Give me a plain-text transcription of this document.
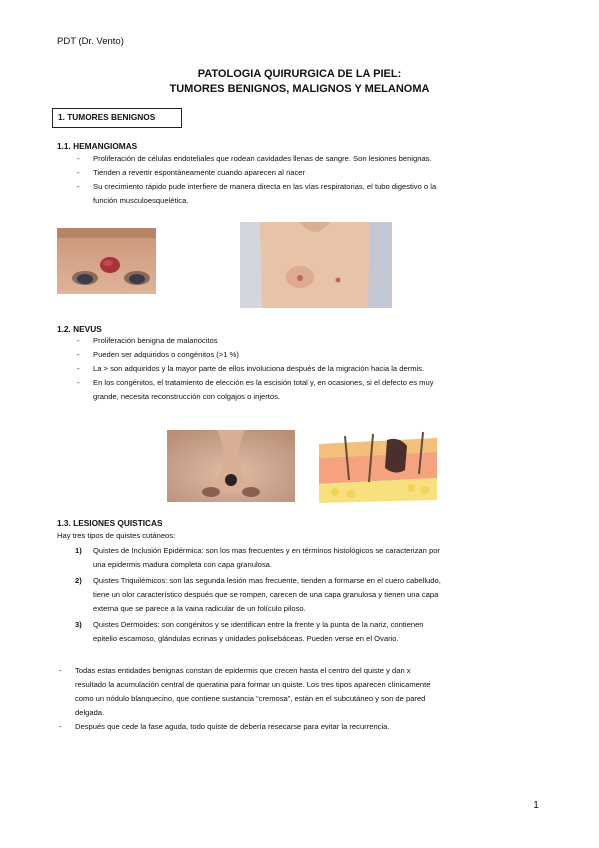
PDT (Dr. Vento)
PATOLOGIA QUIRURGICA DE LA PIEL:
TUMORES BENIGNOS, MALIGNOS Y MELANOMA
1. TUMORES BENIGNOS
1.1. HEMANGIOMAS
- Proliferación de células endoteliales que rodean cavidades llenas de sangre. Son lesiones benignas.
- Tienden a revertir espontáneamente cuando aparecen al nacer
- Su crecimiento rápido pude interfiere de manera directa en las vías respiratorias, el tubo digestivo o la
función musculoesquelética.
1.2. NEVUS
- Proliferación benigna de malanocitos
- Pueden ser adquiridos o congénitos (>1 %)
- La > son adquiridos y la mayor parte de ellos involuciona después de la migración hacia la dermis.
- En los congénitos, el tratamiento de elección es la escisión total y, en ocasiones, si el defecto es muy
grande, necesita reconstrucción con colgajos o injertos.
1.3. LESIONES QUISTICAS
Hay tres tipos de quistes cutáneos:
1) Quistes de Inclusión Epidérmica: son los mas frecuentes y en términos histológicos se caracterizan por
una epidermis madura completa con capa granulosa.
2) Quistes Triquilémicos: son las segunda lesión mas frecuente, tienden a formarse en el cuero cabelludo,
tiene un olor característico después que se rompen, carecen de una capa granulosa y tienen una capa
externa que se parece a la vaina radicular de un folículo piloso.
3) Quistes Dermoides: son congénitos y se identifican entre la frente y la punta de la nariz, contienen
epitelio escamoso, glándulas ecrinas y unidades polisebáceas. Pueden verse en el Ovario.
- Todas estas entidades benignas constan de epidermis que crecen hasta el centro del quiste y dan x
resultado la acumulación central de queratina para formar un quiste. Los tres tipos aparecen clínicamente
como un nódulo blanquecino, que contiene sustancia “cremosa”, están en el subcutáneo y son de pared
delgada.
- Después que cede la fase aguda, todo quiste de debería resecarse para evitar la recurrencia.
1
